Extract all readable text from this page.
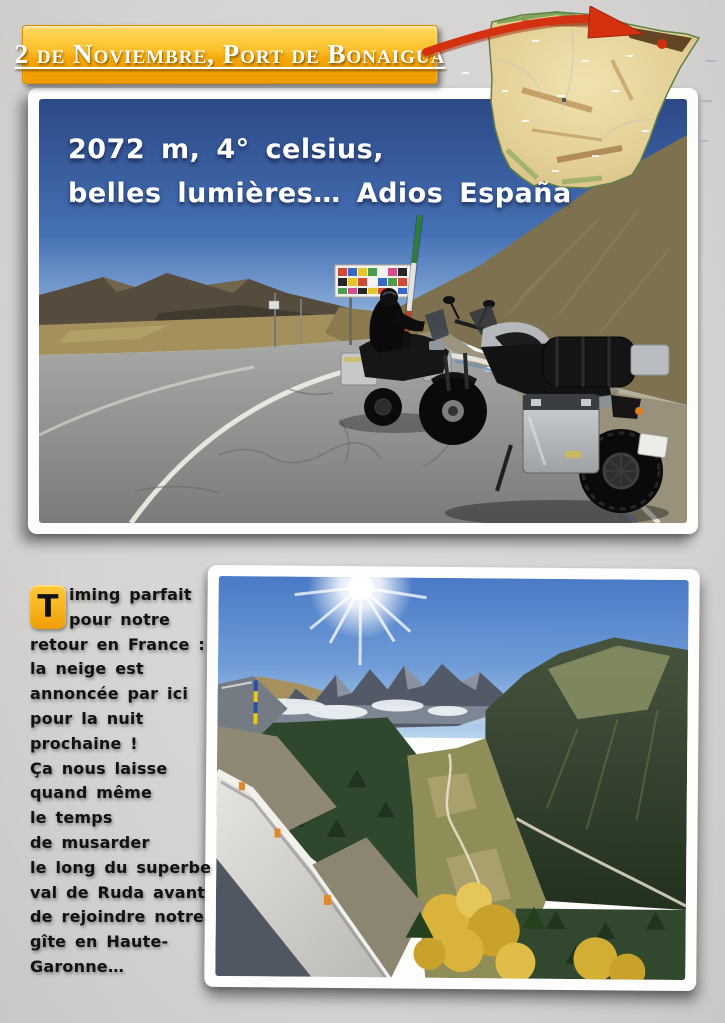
2 de Noviembre, Port de Bonaigua
2072 m, 4° celsius,
belles lumières… Adios España
T iming parfait
pour notre
retour en France :
la neige est
annoncée par ici
pour la nuit
prochaine !
Ça nous laisse
quand même
le temps
de musarder
le long du superbe
val de Ruda avant
de rejoindre notre
gîte en Haute-
Garonne…
